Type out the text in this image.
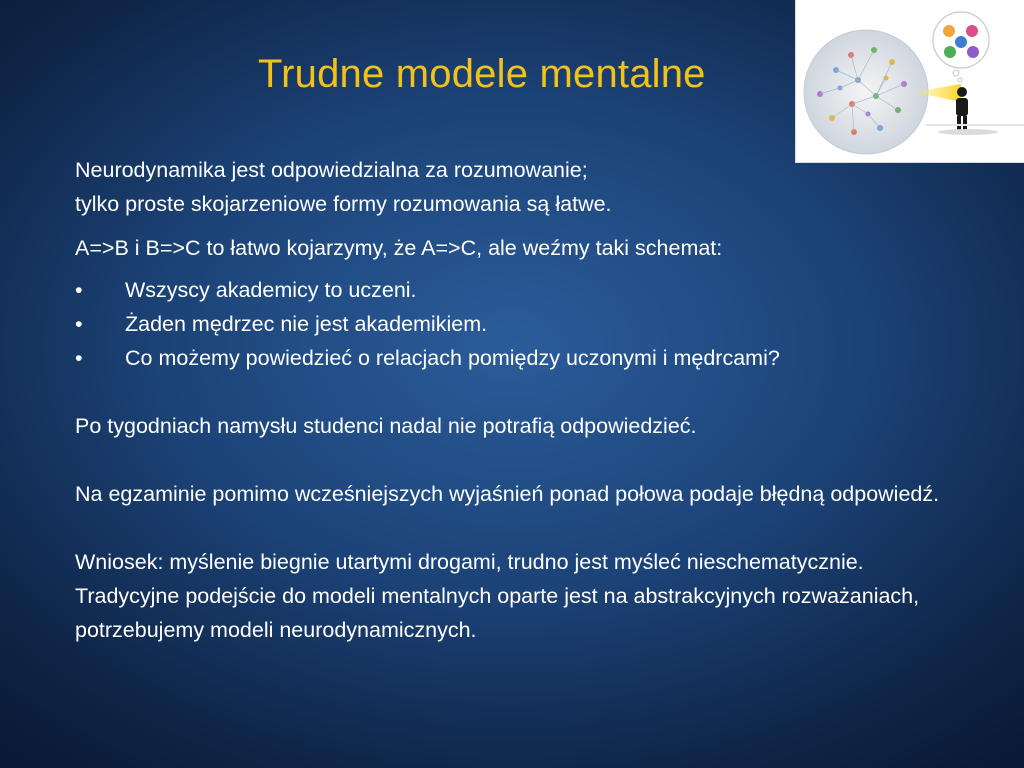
Trudne modele mentalne

Neurodynamika jest odpowiedzialna za rozumowanie;

tylko proste skojarzeniowe formy rozumowania są łatwe.

A=>B i B=>C to łatwo kojarzymy, że A=>C, ale weźmy taki schemat:

• Wszyscy akademicy to uczeni.
• Żaden mędrzec nie jest akademikiem.
• Co możemy powiedzieć o relacjach pomiędzy uczonymi i mędrcami?

Po tygodniach namysłu studenci nadal nie potrafią odpowiedzieć.

Na egzaminie pomimo wcześniejszych wyjaśnień ponad połowa podaje błędną odpowiedź.

Wniosek: myślenie biegnie utartymi drogami, trudno jest myśleć nieschematycznie.

Tradycyjne podejście do modeli mentalnych oparte jest na abstrakcyjnych rozważaniach, potrzebujemy modeli neurodynamicznych.
